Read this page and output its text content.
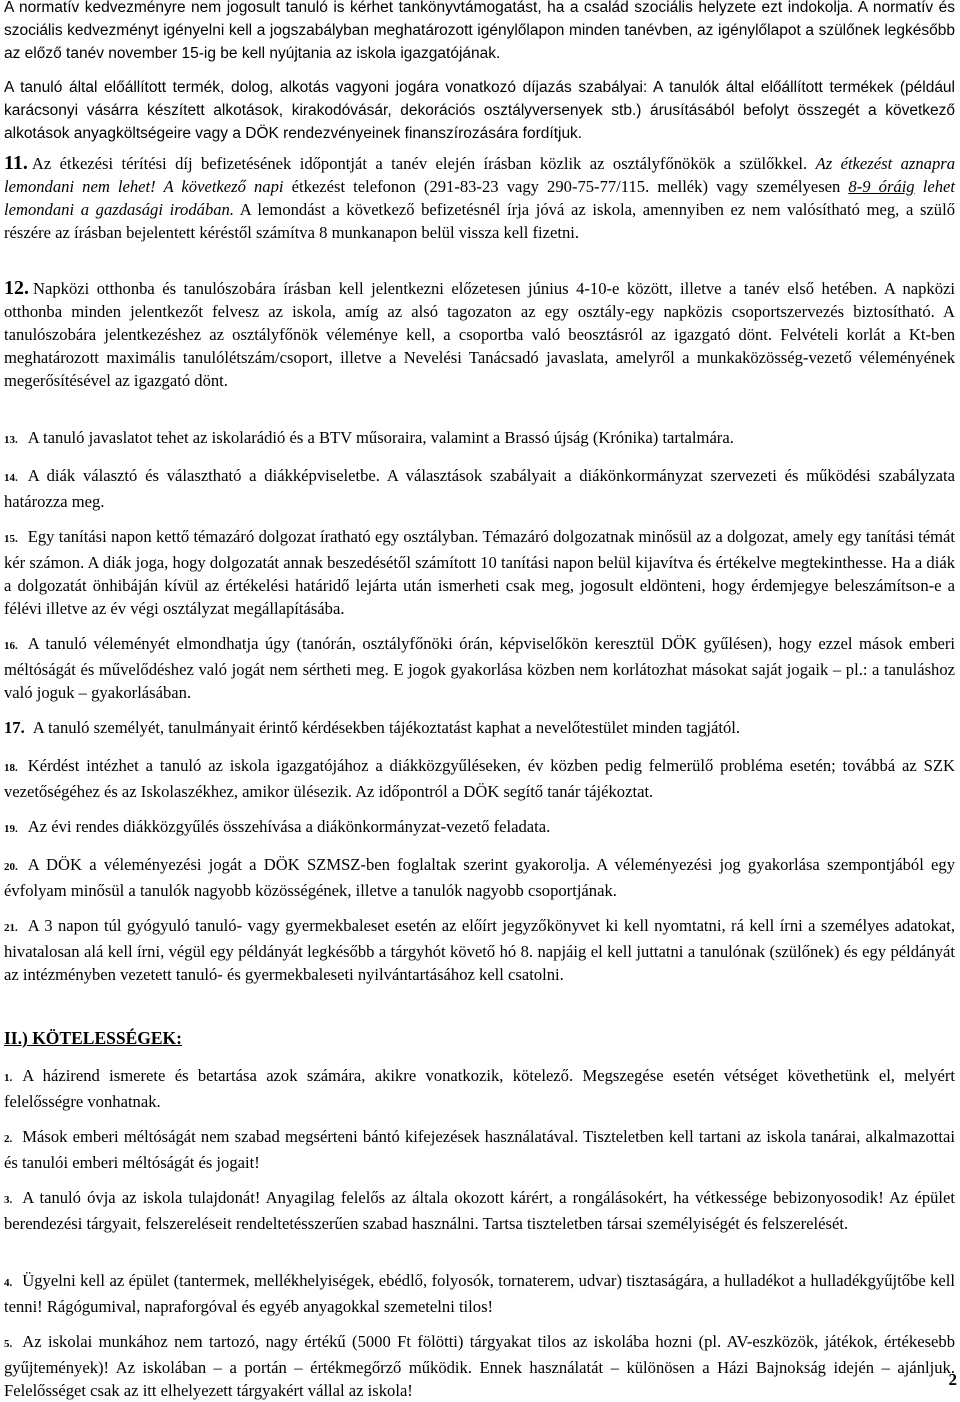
A normatív kedvezményre nem jogosult tanuló is kérhet tankönyvtámogatást, ha a család szociális helyzete ezt indokolja. A normatív és szociális kedvezményt igényelni kell a jogszabályban meghatározott igénylőlapon minden tanévben, az igénylőlapot a szülőnek legkésőbb az előző tanév november 15-ig be kell nyújtania az iskola igazgatójának.

A tanuló által előállított termék, dolog, alkotás vagyoni jogára vonatkozó díjazás szabályai: A tanulók által előállított termékek (például karácsonyi vásárra készített alkotások, kirakodóvásár, dekorációs osztályversenyek stb.) árusításából befolyt összegét a következő alkotások anyagköltségeire vagy a DÖK rendezvényeinek finanszírozására fordítjuk.

11. Az étkezési térítési díj befizetésének időpontját a tanév elején írásban közlik az osztályfőnökök a szülőkkel. Az étkezést aznapra lemondani nem lehet! A következő napi étkezést telefonon (291-83-23 vagy 290-75-77/115. mellék) vagy személyesen 8-9 óráig lehet lemondani a gazdasági irodában. A lemondást a következő befizetésnél írja jóvá az iskola, amennyiben ez nem valósítható meg, a szülő részére az írásban bejelentett kéréstől számítva 8 munkanapon belül vissza kell fizetni.

12. Napközi otthonba és tanulószobára írásban kell jelentkezni előzetesen június 4-10-e között, illetve a tanév első hetében. A napközi otthonba minden jelentkezőt felvesz az iskola, amíg az alsó tagozaton az egy osztály-egy napközis csoportszervezés biztosítható. A tanulószobára jelentkezéshez az osztályfőnök véleménye kell, a csoportba való beosztásról az igazgató dönt. Felvételi korlát a Kt-ben meghatározott maximális tanulólétszám/csoport, illetve a Nevelési Tanácsadó javaslata, amelyről a munkaközösség-vezető véleményének megerősítésével az igazgató dönt.

13. A tanuló javaslatot tehet az iskolarádió és a BTV műsoraira, valamint a Brassó újság (Krónika) tartalmára.

14. A diák választó és választható a diákképviseletbe. A választások szabályait a diákönkormányzat szervezeti és működési szabályzata határozza meg.

15. Egy tanítási napon kettő témazáró dolgozat íratható egy osztályban. Témazáró dolgozatnak minősül az a dolgozat, amely egy tanítási témát kér számon. A diák joga, hogy dolgozatát annak beszedésétől számított 10 tanítási napon belül kijavítva és értékelve megtekinthesse. Ha a diák a dolgozatát önhibáján kívül az értékelési határidő lejárta után ismerheti csak meg, jogosult eldönteni, hogy érdemjegye beleszámítson-e a félévi illetve az év végi osztályzat megállapításába.

16. A tanuló véleményét elmondhatja úgy (tanórán, osztályfőnöki órán, képviselőkön keresztül DÖK gyűlésen), hogy ezzel mások emberi méltóságát és művelődéshez való jogát nem sértheti meg. E jogok gyakorlása közben nem korlátozhat másokat saját jogaik – pl.: a tanuláshoz való joguk – gyakorlásában.

17. A tanuló személyét, tanulmányait érintő kérdésekben tájékoztatást kaphat a nevelőtestület minden tagjától.

18. Kérdést intézhet a tanuló az iskola igazgatójához a diákközgyűléseken, év közben pedig felmerülő probléma esetén; továbbá az SZK vezetőségéhez és az Iskolaszékhez, amikor ülésezik. Az időpontról a DÖK segítő tanár tájékoztat.

19. Az évi rendes diákközgyűlés összehívása a diákönkormányzat-vezető feladata.

20. A DÖK a véleményezési jogát a DÖK SZMSZ-ben foglaltak szerint gyakorolja. A véleményezési jog gyakorlása szempontjából egy évfolyam minősül a tanulók nagyobb közösségének, illetve a tanulók nagyobb csoportjának.

21. A 3 napon túl gyógyuló tanuló- vagy gyermekbaleset esetén az előírt jegyzőkönyvet ki kell nyomtatni, rá kell írni a személyes adatokat, hivatalosan alá kell írni, végül egy példányát legkésőbb a tárgyhót követő hó 8. napjáig el kell juttatni a tanulónak (szülőnek) és egy példányát az intézményben vezetett tanuló- és gyermekbaleseti nyilvántartásához kell csatolni.

II.) KÖTELESSÉGEK:

1. A házirend ismerete és betartása azok számára, akikre vonatkozik, kötelező. Megszegése esetén vétséget követhetünk el, melyért felelősségre vonhatnak.

2. Mások emberi méltóságát nem szabad megsérteni bántó kifejezések használatával. Tiszteletben kell tartani az iskola tanárai, alkalmazottai és tanulói emberi méltóságát és jogait!

3. A tanuló óvja az iskola tulajdonát! Anyagilag felelős az általa okozott kárért, a rongálásokért, ha vétkessége bebizonyosodik! Az épület berendezési tárgyait, felszereléseit rendeltetésszerűen szabad használni. Tartsa tiszteletben társai személyiségét és felszerelését.

4. Ügyelni kell az épület (tantermek, mellékhelyiségek, ebédlő, folyosók, tornaterem, udvar) tisztaságára, a hulladékot a hulladékgyűjtőbe kell tenni! Rágógumival, napraforgóval és egyéb anyagokkal szemetelni tilos!

5. Az iskolai munkához nem tartozó, nagy értékű (5000 Ft fölötti) tárgyakat tilos az iskolába hozni (pl. AV-eszközök, játékok, értékesebb gyűjtemények)! Az iskolában – a portán – értékmegőrző működik. Ennek használatát – különösen a Házi Bajnokság idején – ajánljuk. Felelősséget csak az itt elhelyezett tárgyakért vállal az iskola!

2
